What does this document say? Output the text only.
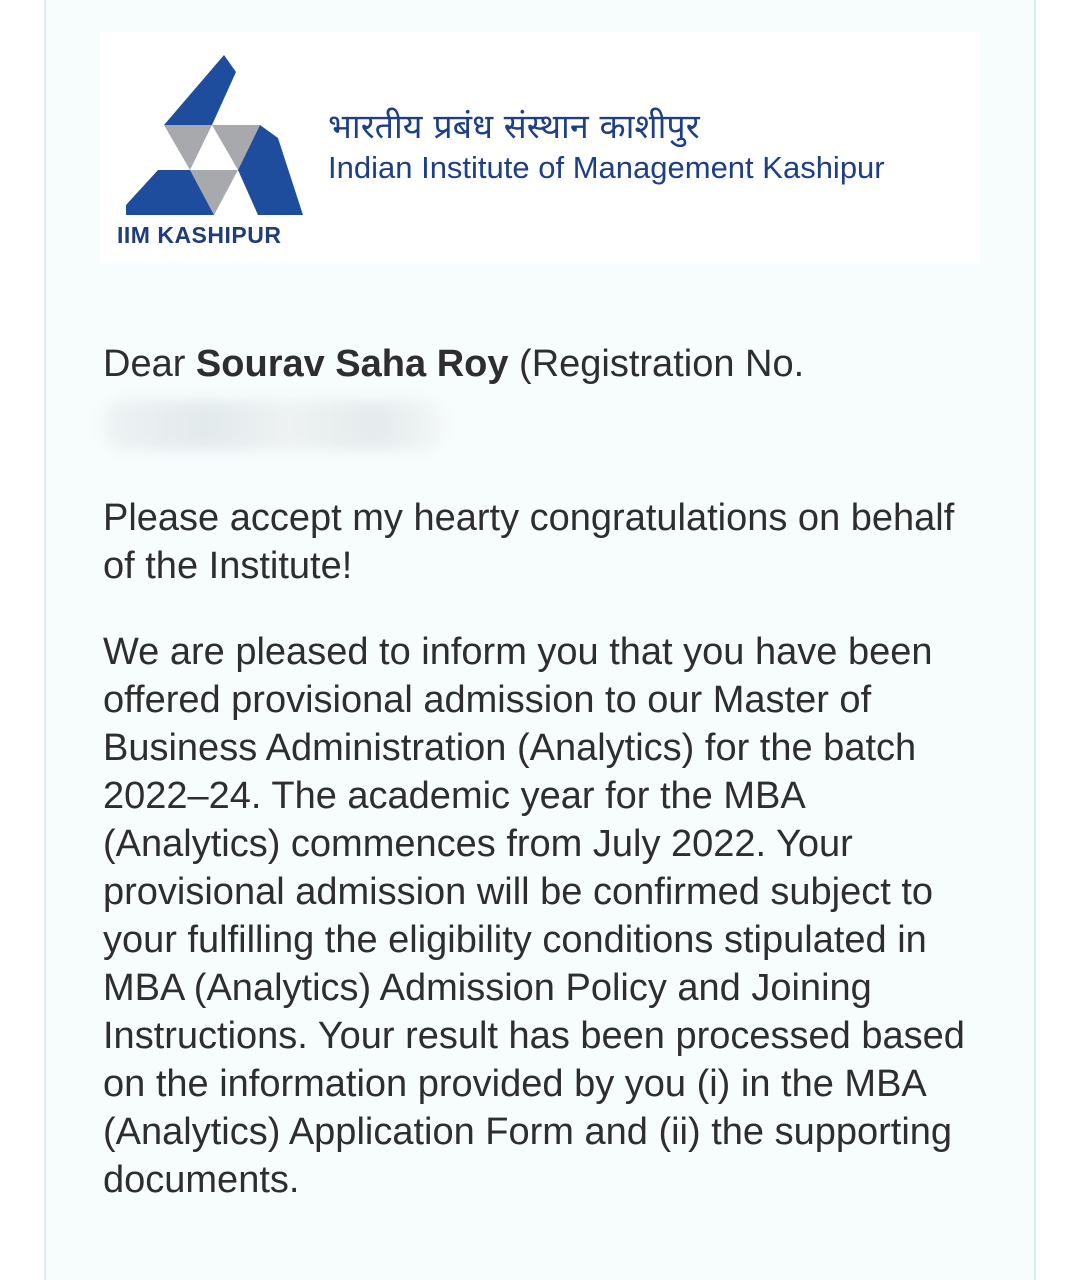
IIM KASHIPUR
भारतीय प्रबंध संस्थान काशीपुर
Indian Institute of Management Kashipur

Dear Sourav Saha Roy (Registration No.

Please accept my hearty congratulations on behalf of the Institute!

We are pleased to inform you that you have been offered provisional admission to our Master of Business Administration (Analytics) for the batch 2022–24. The academic year for the MBA (Analytics) commences from July 2022. Your provisional admission will be confirmed subject to your fulfilling the eligibility conditions stipulated in MBA (Analytics) Admission Policy and Joining Instructions. Your result has been processed based on the information provided by you (i) in the MBA (Analytics) Application Form and (ii) the supporting documents.
